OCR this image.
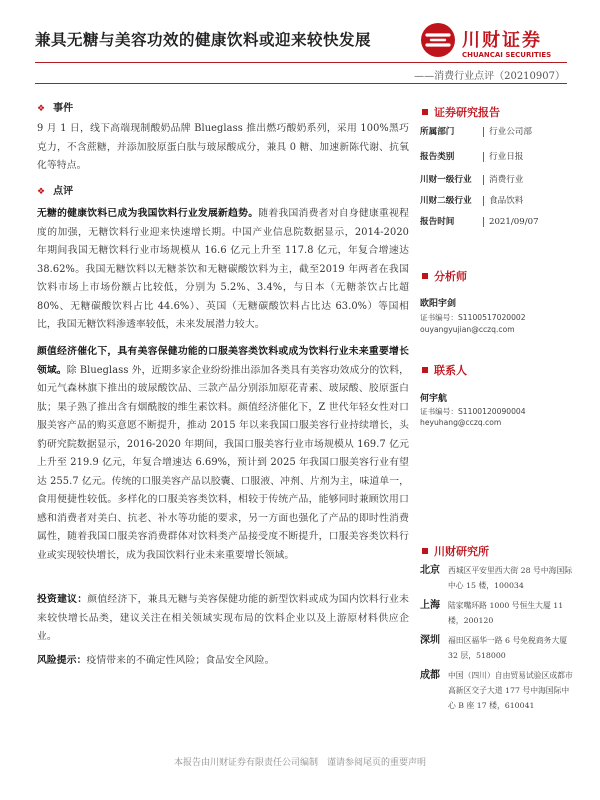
兼具无糖与美容功效的健康饮料或迎来较快发展	川财证券
CHUANCAI SECURITIES
——消费行业点评（20210907）
❖ 事件
9 月 1 日，线下高端现制酸奶品牌 Blueglass 推出燃巧酸奶系列，采用 100%黑巧克力，不含蔗糖，并添加胶原蛋白肽与玻尿酸成分，兼具 0 糖、加速新陈代谢、抗氧化等特点。
❖ 点评
无糖的健康饮料已成为我国饮料行业发展新趋势。随着我国消费者对自身健康重视程度的加强，无糖饮料行业迎来快速增长期。中国产业信息院数据显示，2014-2020 年期间我国无糖饮料行业市场规模从 16.6 亿元上升至 117.8 亿元，年复合增速达 38.62%。我国无糖饮料以无糖茶饮和无糖碳酸饮料为主，截至2019 年两者在我国饮料市场上市场份额占比较低，分别为 5.2%、3.4%，与日本（无糖茶饮占比超 80%、无糖碳酸饮料占比 44.6%）、英国（无糖碳酸饮料占比达 63.0%）等国相比，我国无糖饮料渗透率较低，未来发展潜力较大。
颜值经济催化下，具有美容保健功能的口服美容类饮料或成为饮料行业未来重要增长领域。除 Blueglass 外，近期多家企业纷纷推出添加各类具有美容功效成分的饮料，如元气森林旗下推出的玻尿酸饮品、三款产品分别添加原花青素、玻尿酸、胶原蛋白肽；果子熟了推出含有烟酰胺的维生素饮料。颜值经济催化下，Z 世代年轻女性对口服美容产品的购买意愿不断提升，推动 2015 年以来我国口服美容行业持续增长，头豹研究院数据显示，2016-2020 年期间，我国口服美容行业市场规模从 169.7 亿元上升至 219.9 亿元，年复合增速达 6.69%，预计到 2025 年我国口服美容行业有望达 255.7 亿元。传统的口服美容产品以胶囊、口服液、冲剂、片剂为主，味道单一，食用便捷性较低。多样化的口服美容类饮料，相较于传统产品，能够同时兼顾饮用口感和消费者对美白、抗老、补水等功能的要求，另一方面也强化了产品的即时性消费属性，随着我国口服美容消费群体对饮料类产品接受度不断提升，口服美容类饮料行业或实现较快增长，成为我国饮料行业未来重要增长领域。
投资建议：颜值经济下，兼具无糖与美容保健功能的新型饮料或成为国内饮料行业未来较快增长品类，建议关注在相关领域实现布局的饮料企业以及上游原材料供应企业。
风险提示：疫情带来的不确定性风险；食品安全风险。
证券研究报告
所属部门	行业公司部
报告类别	行业日报
川财一级行业 消费行业
川财二级行业 食品饮料
报告时间	2021/09/07
分析师
欧阳宇剑
证书编号：S1100517020002
ouyangyujian@cczq.com
联系人
何宇航
证书编号：S1100120090004
heyuhang@cczq.com
川财研究所
北京 西城区平安里西大街 28 号中海国际中心 15 楼，100034
上海 陆家嘴环路 1000 号恒生大厦 11 楼，200120
深圳 福田区福华一路 6 号免税商务大厦 32 层，518000
成都 中国（四川）自由贸易试验区成都市高新区交子大道 177 号中海国际中心 B 座 17 楼，610041
本报告由川财证券有限责任公司编制　谨请参阅尾页的重要声明
